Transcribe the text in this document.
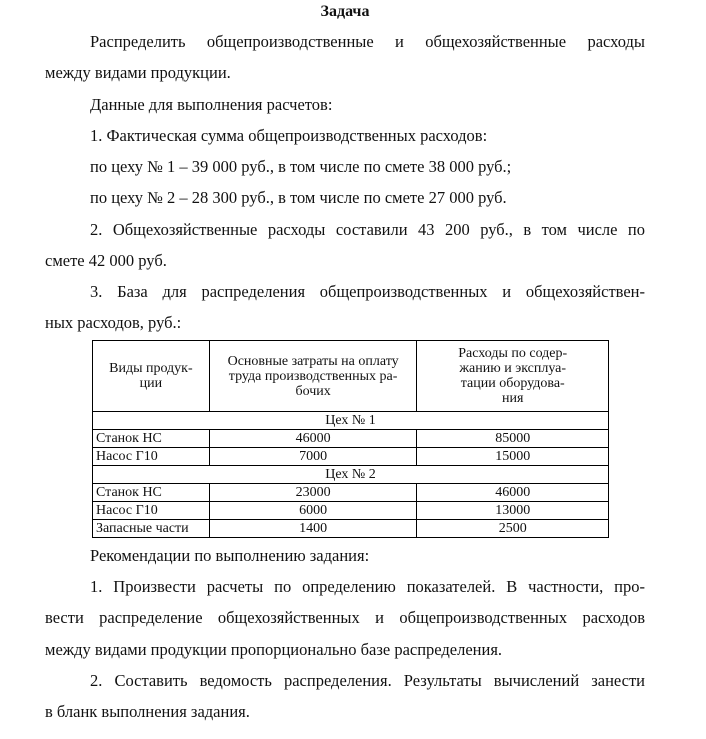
Задача
Распределить общепроизводственные и общехозяйственные расходы
между видами продукции.
Данные для выполнения расчетов:
1. Фактическая сумма общепроизводственных расходов:
по цеху № 1 – 39 000 руб., в том числе по смете 38 000 руб.;
по цеху № 2 – 28 300 руб., в том числе по смете 27 000 руб.
2. Общехозяйственные расходы составили 43 200 руб., в том числе по
смете 42 000 руб.
3. База для распределения общепроизводственных и общехозяйствен-
ных расходов, руб.:
Рекомендации по выполнению задания:
1. Произвести расчеты по определению показателей. В частности, про-
вести распределение общехозяйственных и общепроизводственных расходов
между видами продукции пропорционально базе распределения.
2. Составить ведомость распределения. Результаты вычислений занести
в бланк выполнения задания.
Виды продук-
ции	Основные затраты на оплату
труда производственных ра-
бочих	Расходы по содер-
жанию и эксплуа-
тации оборудова-
ния
Цех № 1		
Станок НС	46000	85000
Насос Г10	7000	15000
Цех № 2		
Станок НС	23000	46000
Насос Г10	6000	13000
Запасные части	1400	2500
